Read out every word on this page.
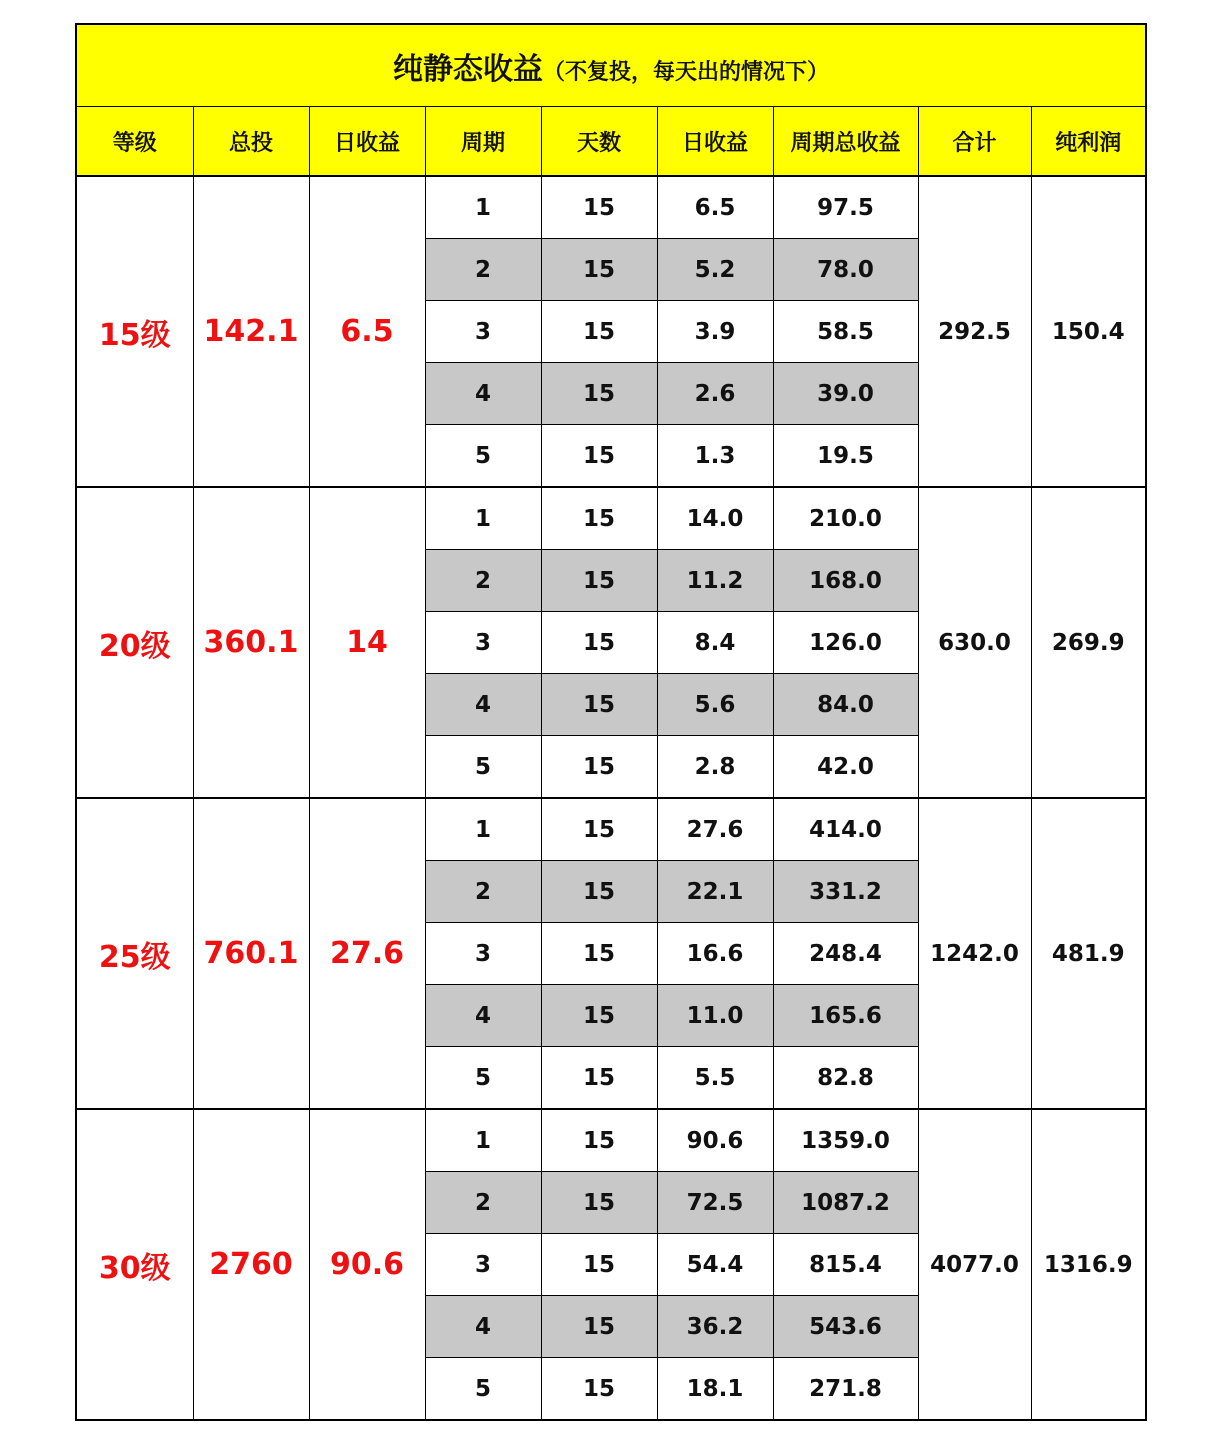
纯静态收益（不复投，每天出的情况下）								
等级	总投	日收益	周期	天数	日收益	周期总收益	合计	纯利润
15级	142.1	6.5	1	15	6.5	97.5	292.5	150.4
			2	15	5.2	78.0		
			3	15	3.9	58.5		
			4	15	2.6	39.0		
			5	15	1.3	19.5		
20级	360.1	14	1	15	14.0	210.0	630.0	269.9
			2	15	11.2	168.0		
			3	15	8.4	126.0		
			4	15	5.6	84.0		
			5	15	2.8	42.0		
25级	760.1	27.6	1	15	27.6	414.0	1242.0	481.9
			2	15	22.1	331.2		
			3	15	16.6	248.4		
			4	15	11.0	165.6		
			5	15	5.5	82.8		
30级	2760	90.6	1	15	90.6	1359.0	4077.0	1316.9
			2	15	72.5	1087.2		
			3	15	54.4	815.4		
			4	15	36.2	543.6		
			5	15	18.1	271.8		
